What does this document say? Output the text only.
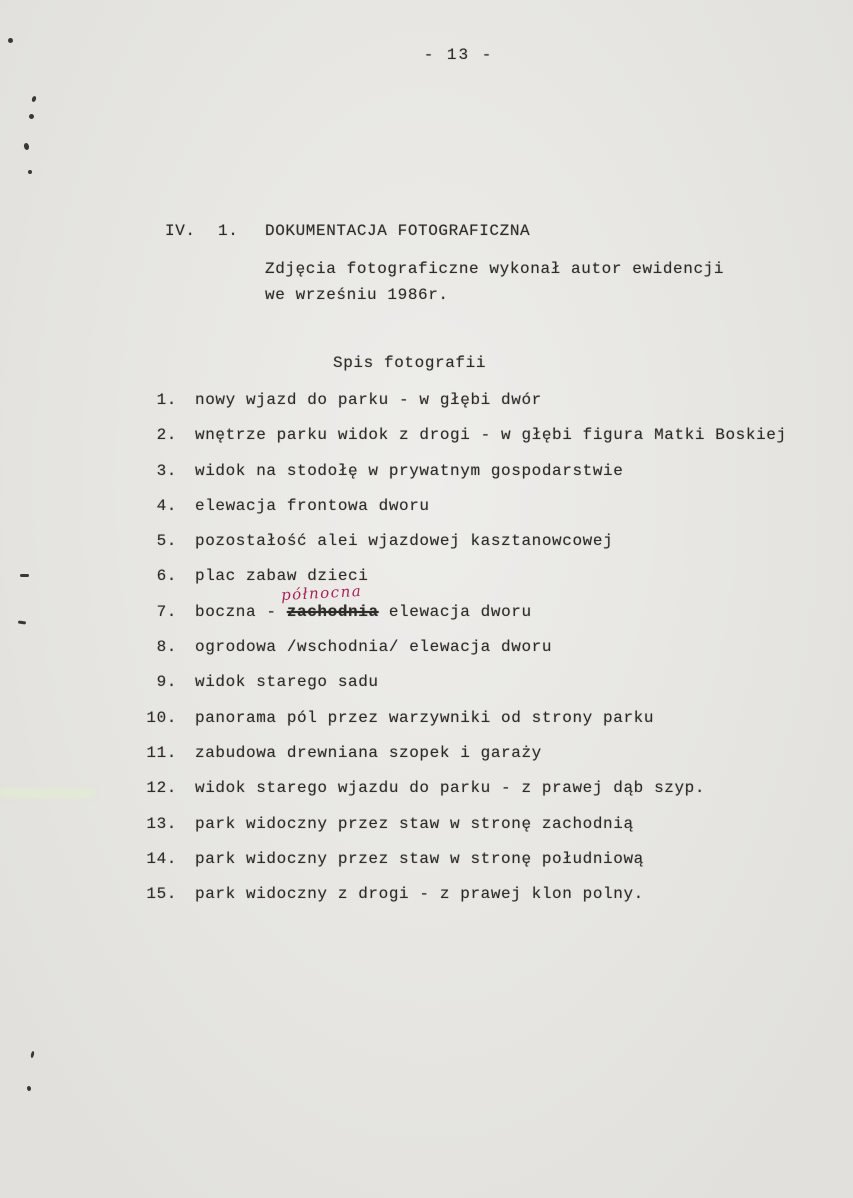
- 13 -
IV. 1. DOKUMENTACJA FOTOGRAFICZNA
Zdjęcia fotograficzne wykonał autor ewidencji
we wrześniu 1986r.
Spis fotografii
1. nowy wjazd do parku - w głębi dwór
2. wnętrze parku widok z drogi - w głębi figura Matki Boskiej
3. widok na stodołę w prywatnym gospodarstwie
4. elewacja frontowa dworu
5. pozostałość alei wjazdowej kasztanowcowej
6. plac zabaw dzieci
7. boczna -
północna
zachodnia elewacja dworu
8. ogrodowa /wschodnia/ elewacja dworu
9. widok starego sadu
10. panorama pól przez warzywniki od strony parku
11. zabudowa drewniana szopek i garaży
12. widok starego wjazdu do parku - z prawej dąb szyp.
13. park widoczny przez staw w stronę zachodnią
14. park widoczny przez staw w stronę południową
15. park widoczny z drogi - z prawej klon polny.
